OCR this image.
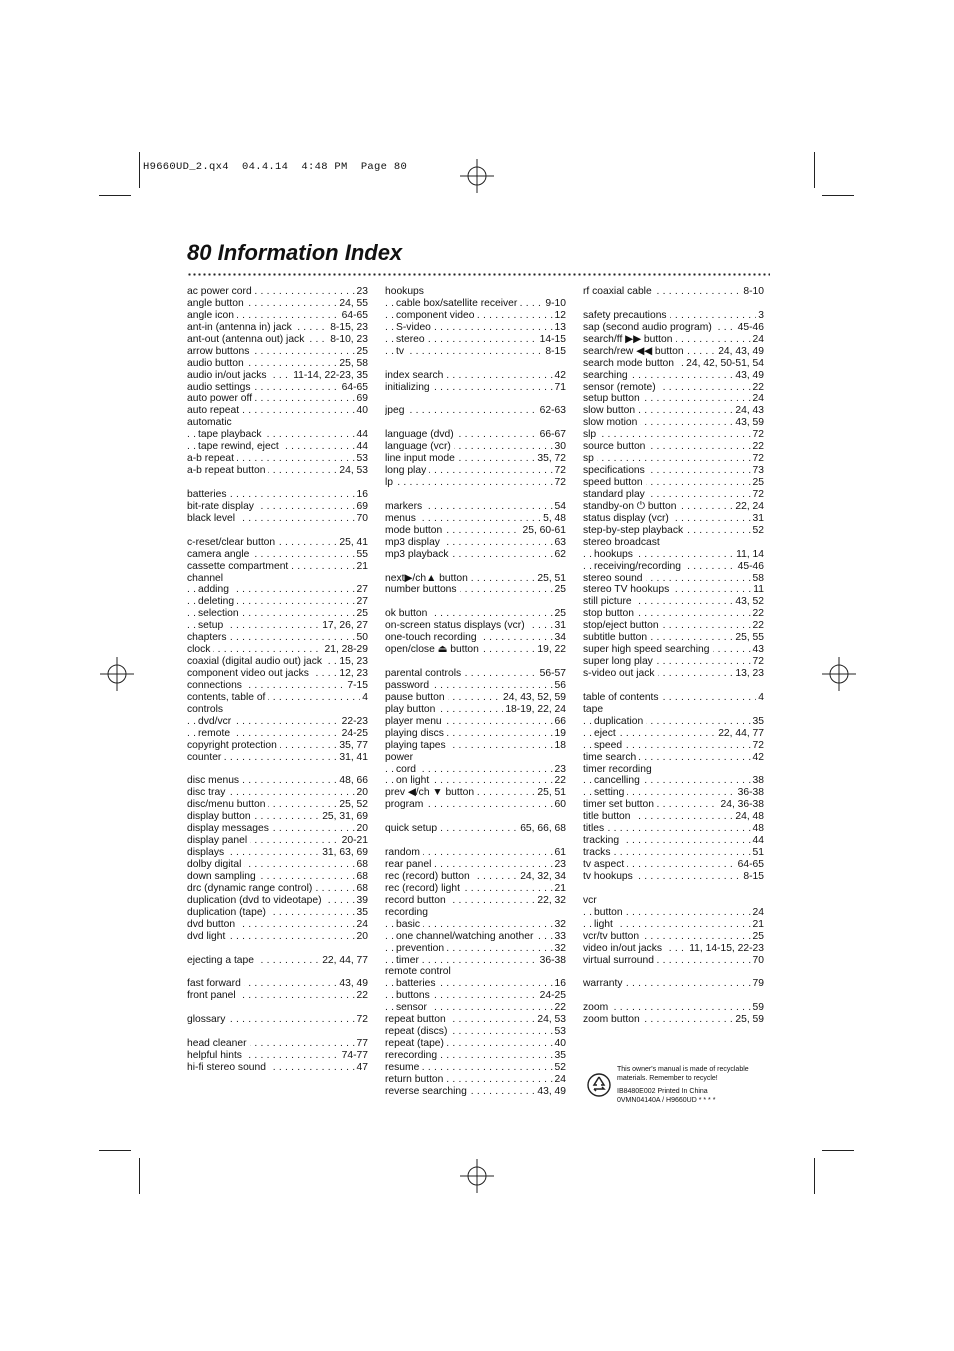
H9660UD_2.qx4  04.4.14  4:48 PM  Page 80
80 Information Index
ac power cord	23
. . .
angle button	24, 55
. . .
angle icon	64-65
. . .
ant-in (antenna in) jack	8-15, 23
. . .
ant-out (antenna out) jack	8-10, 23
. . .
arrow buttons	25
. . .
audio button	25, 58
. . .
audio in/out jacks	11-14, 22-23, 35
. . .
audio settings	64-65
. . .
auto power off	69
. . .
auto repeat	40
. . .
automatic
tape playback	44
. . .
tape rewind, eject	44
. . .
a-b repeat	53
. . .
a-b repeat button	24, 53
. . .
batteries	16
. . .
bit-rate display	69
. . .
black level	70
. . .
c-reset/clear button	25, 41
. . .
camera angle	55
. . .
cassette compartment	21
. . .
channel
adding	27
. . .
deleting	27
. . .
selection	25
. . .
setup	17, 26, 27
. . .
chapters	50
. . .
clock	21, 28-29
. . .
coaxial (digital audio out) jack 15, 23
. . .
component video out jacks	12, 23
. . .
connections	7-15
. . .
contents, table of	4
. . .
controls
dvd/vcr	22-23
. . .
remote	24-25
. . .
copyright protection	35, 77
. . .
counter	31, 41
. . .
disc menus	48, 66
. . .
disc tray	20
. . .
disc/menu button	25, 52
. . .
display button	25, 31, 69
. . .
display messages	20
. . .
display panel	20-21
. . .
displays	31, 63, 69
. . .
dolby digital	68
. . .
down sampling	68
. . .
drc (dynamic range control)	68
. . .
duplication (dvd to videotape)	39
. . .
duplication (tape)	35
. . .
dvd button	24
. . .
dvd light	20
. . .
ejecting a tape	22, 44, 77
. . .
fast forward	43, 49
. . .
front panel	22
. . .
glossary	72
. . .
head cleaner	77
. . .
helpful hints	74-77
. . .
hi-fi stereo sound	47
. . .
hookups
cable box/satellite receiver	9-10
. . .
component video	12
. . .
S-video	13
. . .
stereo	14-15
. . .
tv	8-15
. . .
index search	42
. . .
initializing	71
. . .
jpeg	62-63
. . .
language (dvd)	66-67
. . .
language (vcr)	30
. . .
line input mode	35, 72
. . .
long play	72
. . .
lp	72
. . .
markers	54
. . .
menus	5, 48
. . .
mode button	25, 60-61
. . .
mp3 display	63
. . .
mp3 playback	62
. . .
next▶/ch▲ button	25, 51
. . .
number buttons	25
. . .
ok button	25
. . .
on-screen status displays (vcr)	31
. . .
one-touch recording	34
. . .
open/close ⏏ button	19, 22
. . .
parental controls	56-57
. . .
password	56
. . .
pause button	24, 43, 52, 59
. . .
play button	18-19, 22, 24
. . .
player menu	66
. . .
playing discs	19
. . .
playing tapes	18
. . .
power
cord	23
. . .
on light	22
. . .
prev ◀/ch ▼ button	25, 51
. . .
program	60
. . .
quick setup	65, 66, 68
. . .
random	61
. . .
rear panel	23
. . .
rec (record) button	24, 32, 34
. . .
rec (record) light	21
. . .
record button	22, 32
. . .
recording
basic	32
. . .
one channel/watching another 33
. . .
prevention	32
. . .
timer	36-38
. . .
remote control
batteries	16
. . .
buttons	24-25
. . .
sensor	22
. . .
repeat button	24, 53
. . .
repeat (discs)	53
. . .
repeat (tape)	40
. . .
rerecording	35
. . .
resume	52
. . .
return button	24
. . .
reverse searching	43, 49
. . .
rf coaxial cable	8-10
. . .
safety precautions	3
. . .
sap (second audio program)	45-46
. . .
search/ff ▶▶ button	24
. . .
search/rew ◀◀ button	24, 43, 49
. . .
search mode button 24, 42, 50-51, 54
. . .
searching	43, 49
. . .
sensor (remote)	22
. . .
setup button	24
. . .
slow button	24, 43
. . .
slow motion	43, 59
. . .
slp	72
. . .
source button	22
. . .
sp	72
. . .
specifications	73
. . .
speed button	25
. . .
standard play	72
. . .
standby-on ⏻ button	22, 24
. . .
status display (vcr)	31
. . .
step-by-step playback	52
. . .
stereo broadcast
hookups	11, 14
. . .
receiving/recording	45-46
. . .
stereo sound	58
. . .
stereo TV hookups	11
. . .
still picture	43, 52
. . .
stop button	22
. . .
stop/eject button	22
. . .
subtitle button	25, 55
. . .
super high speed searching	43
. . .
super long play	72
. . .
s-video out jack	13, 23
. . .
table of contents	4
. . .
tape
duplication	35
. . .
eject	22, 44, 77
. . .
speed	72
. . .
time search	42
. . .
timer recording
cancelling	38
. . .
setting	36-38
. . .
timer set button	24, 36-38
. . .
title button	24, 48
. . .
titles	48
. . .
tracking	44
. . .
tracks	51
. . .
tv aspect	64-65
. . .
tv hookups	8-15
. . .
vcr
button	24
. . .
light	21
. . .
vcr/tv button	25
. . .
video in/out jacks	11, 14-15, 22-23
. . .
virtual surround	70
. . .
warranty	79
. . .
zoom	59
. . .
zoom button	25, 59
. . .
This owner's manual is made of recyclable
materials. Remember to recycle!
IB8480E002 Printed In China
0VMN04140A / H9660UD * * * *
